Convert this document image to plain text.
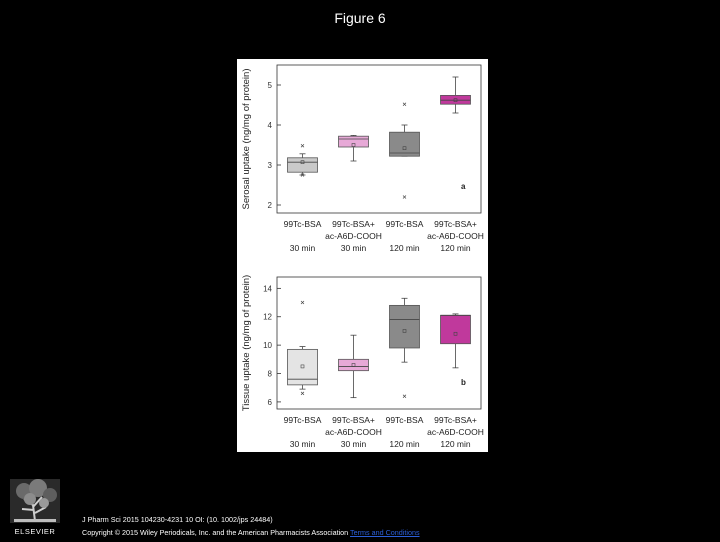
Figure 6
2
3
4
5
Serosal uptake (ng/mg of protein)	a
99Tc-BSA
30 min
99Tc-BSA+
ac-A6D-COOH
30 min
99Tc-BSA
120 min
99Tc-BSA+
ac-A6D-COOH
120 min
6
8
10
12
14
Tissue uptake (ng/mg of protein)	b
99Tc-BSA
30 min
99Tc-BSA+
ac-A6D-COOH
30 min
99Tc-BSA
120 min
99Tc-BSA+
ac-A6D-COOH
120 min
ELSEVIER
J Pharm Sci 2015 104230-4231 10 OI: (10. 1002/jps 24484)
Copyright © 2015 Wiley Periodicals, Inc. and the American Pharmacists Association Terms and Conditions
